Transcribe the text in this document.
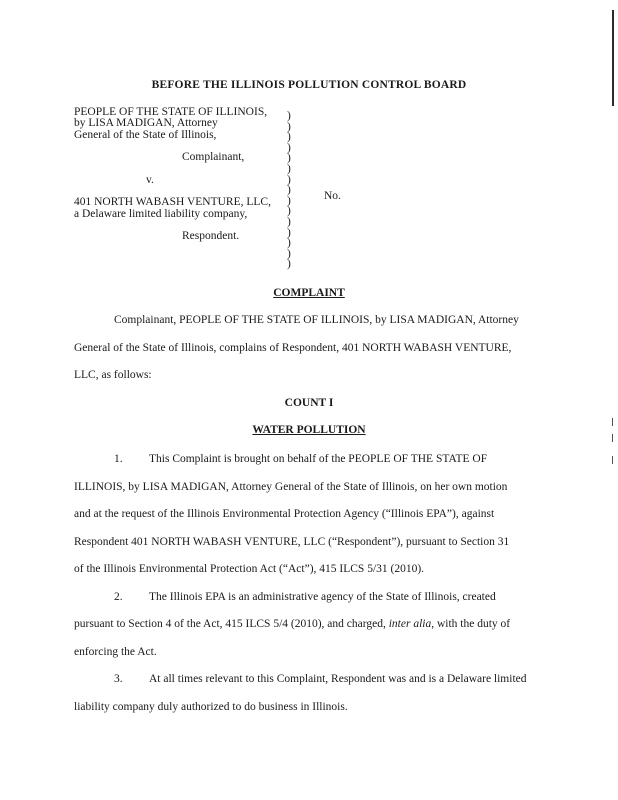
BEFORE THE ILLINOIS POLLUTION CONTROL BOARD
PEOPLE OF THE STATE OF ILLINOIS,
by LISA MADIGAN, Attorney
General of the State of Illinois,
Complainant,
v.
401 NORTH WABASH VENTURE, LLC,
a Delaware limited liability company,
Respondent.
)
)
)
)
)
)
)
)
)
)
)
)
)
)
)
No.
COMPLAINT
Complainant, PEOPLE OF THE STATE OF ILLINOIS, by LISA MADIGAN, Attorney
General of the State of Illinois, complains of Respondent, 401 NORTH WABASH VENTURE,
LLC, as follows:
COUNT I
WATER POLLUTION
1. This Complaint is brought on behalf of the PEOPLE OF THE STATE OF
ILLINOIS, by LISA MADIGAN, Attorney General of the State of Illinois, on her own motion
and at the request of the Illinois Environmental Protection Agency (“Illinois EPA”), against
Respondent 401 NORTH WABASH VENTURE, LLC (“Respondent”), pursuant to Section 31
of the Illinois Environmental Protection Act (“Act”), 415 ILCS 5/31 (2010).
2. The Illinois EPA is an administrative agency of the State of Illinois, created
pursuant to Section 4 of the Act, 415 ILCS 5/4 (2010), and charged, inter alia, with the duty of
enforcing the Act.
3. At all times relevant to this Complaint, Respondent was and is a Delaware limited
liability company duly authorized to do business in Illinois.
